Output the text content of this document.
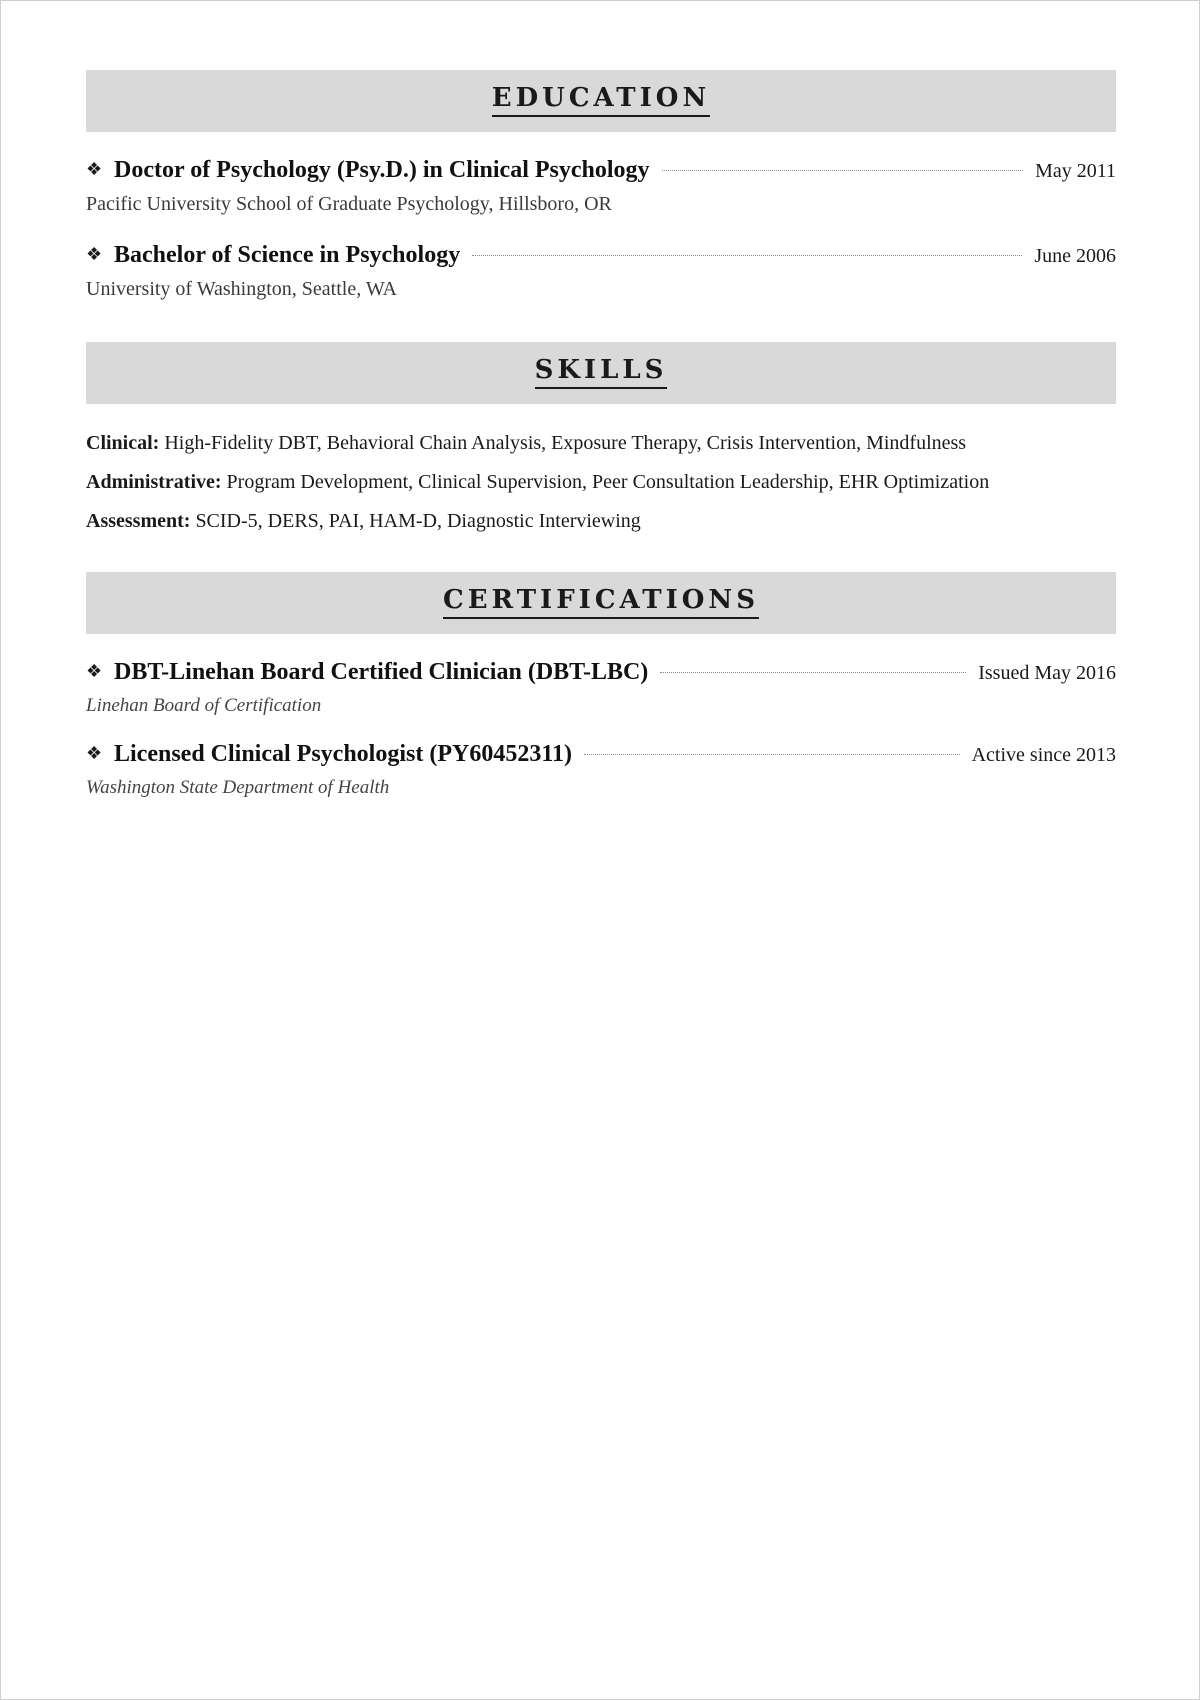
EDUCATION
❖ Doctor of Psychology (Psy.D.) in Clinical Psychology	May 2011
Pacific University School of Graduate Psychology, Hillsboro, OR
❖ Bachelor of Science in Psychology	June 2006
University of Washington, Seattle, WA
SKILLS
Clinical: High-Fidelity DBT, Behavioral Chain Analysis, Exposure Therapy, Crisis Intervention, Mindfulness
Administrative: Program Development, Clinical Supervision, Peer Consultation Leadership, EHR Optimization
Assessment: SCID-5, DERS, PAI, HAM-D, Diagnostic Interviewing
CERTIFICATIONS
❖ DBT-Linehan Board Certified Clinician (DBT-LBC)	Issued May 2016
Linehan Board of Certification
❖ Licensed Clinical Psychologist (PY60452311)	Active since 2013
Washington State Department of Health
